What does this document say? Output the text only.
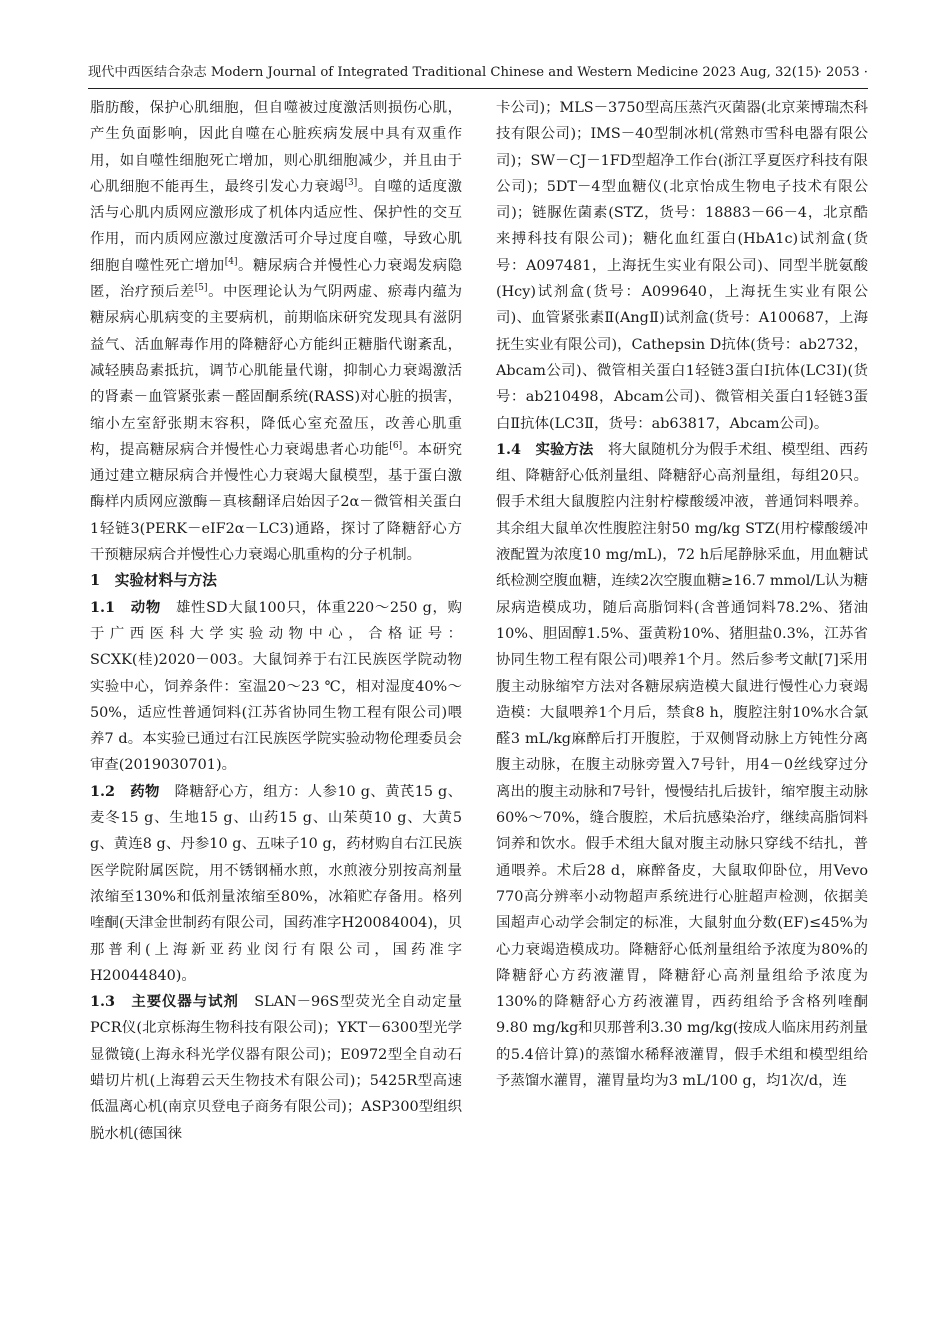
现代中西医结合杂志 Modern Journal of Integrated Traditional Chinese and Western Medicine 2023 Aug, 32(15)
· 2053 ·

脂肪酸，保护心肌细胞，但自噬被过度激活则损伤心肌，产生负面影响，因此自噬在心脏疾病发展中具有双重作用，如自噬性细胞死亡增加，则心肌细胞减少，并且由于心肌细胞不能再生，最终引发心力衰竭[3]。自噬的适度激活与心肌内质网应激形成了机体内适应性、保护性的交互作用，而内质网应激过度激活可介导过度自噬，导致心肌细胞自噬性死亡增加[4]。糖尿病合并慢性心力衰竭发病隐匿，治疗预后差[5]。中医理论认为气阴两虚、瘀毒内蕴为糖尿病心肌病变的主要病机，前期临床研究发现具有滋阴益气、活血解毒作用的降糖舒心方能纠正糖脂代谢紊乱，减轻胰岛素抵抗，调节心肌能量代谢，抑制心力衰竭激活的肾素－血管紧张素－醛固酮系统(RASS)对心脏的损害，缩小左室舒张期末容积，降低心室充盈压，改善心肌重构，提高糖尿病合并慢性心力衰竭患者心功能[6]。本研究通过建立糖尿病合并慢性心力衰竭大鼠模型，基于蛋白激酶样内质网应激酶－真核翻译启始因子2α－微管相关蛋白1轻链3(PERK－eIF2α－LC3)通路，探讨了降糖舒心方干预糖尿病合并慢性心力衰竭心肌重构的分子机制。

1　实验材料与方法

1.1　动物　雄性SD大鼠100只，体重220～250 g，购于广西医科大学实验动物中心，合格证号：SCXK(桂)2020－003。大鼠饲养于右江民族医学院动物实验中心，饲养条件：室温20～23 ℃，相对湿度40%～50%，适应性普通饲料(江苏省协同生物工程有限公司)喂养7 d。本实验已通过右江民族医学院实验动物伦理委员会审查(2019030701)。

1.2　药物　降糖舒心方，组方：人参10 g、黄芪15 g、麦冬15 g、生地15 g、山药15 g、山茱萸10 g、大黄5 g、黄连8 g、丹参10 g、五味子10 g，药材购自右江民族医学院附属医院，用不锈钢桶水煎，水煎液分别按高剂量浓缩至130%和低剂量浓缩至80%，冰箱贮存备用。格列喹酮(天津金世制药有限公司，国药准字H20084004)，贝那普利(上海新亚药业闵行有限公司，国药准字H20044840)。

1.3　主要仪器与试剂　SLAN－96S型荧光全自动定量PCR仪(北京栎海生物科技有限公司)；YKT－6300型光学显微镜(上海永科光学仪器有限公司)；E0972型全自动石蜡切片机(上海碧云天生物技术有限公司)；5425R型高速低温离心机(南京贝登电子商务有限公司)；ASP300型组织脱水机(德国徕

卡公司)；MLS－3750型高压蒸汽灭菌器(北京莱博瑞杰科技有限公司)；IMS－40型制冰机(常熟市雪科电器有限公司)；SW－CJ－1FD型超净工作台(浙江孚夏医疗科技有限公司)；5DT－4型血糖仪(北京怡成生物电子技术有限公司)；链脲佐菌素(STZ，货号：18883－66－4，北京酷来搏科技有限公司)；糖化血红蛋白(HbA1c)试剂盒(货号：A097481，上海抚生实业有限公司)、同型半胱氨酸(Hcy)试剂盒(货号：A099640，上海抚生实业有限公司)、血管紧张素Ⅱ(AngⅡ)试剂盒(货号：A100687，上海抚生实业有限公司)，Cathepsin D抗体(货号：ab2732，Abcam公司)、微管相关蛋白1轻链3蛋白Ⅰ抗体(LC3Ⅰ)(货号：ab210498，Abcam公司)、微管相关蛋白1轻链3蛋白Ⅱ抗体(LC3Ⅱ，货号：ab63817，Abcam公司)。

1.4　实验方法　将大鼠随机分为假手术组、模型组、西药组、降糖舒心低剂量组、降糖舒心高剂量组，每组20只。假手术组大鼠腹腔内注射柠檬酸缓冲液，普通饲料喂养。其余组大鼠单次性腹腔注射50 mg/kg STZ(用柠檬酸缓冲液配置为浓度10 mg/mL)，72 h后尾静脉采血，用血糖试纸检测空腹血糖，连续2次空腹血糖≥16.7 mmol/L认为糖尿病造模成功，随后高脂饲料(含普通饲料78.2%、猪油10%、胆固醇1.5%、蛋黄粉10%、猪胆盐0.3%，江苏省协同生物工程有限公司)喂养1个月。然后参考文献[7]采用腹主动脉缩窄方法对各糖尿病造模大鼠进行慢性心力衰竭造模：大鼠喂养1个月后，禁食8 h，腹腔注射10%水合氯醛3 mL/kg麻醉后打开腹腔，于双侧肾动脉上方钝性分离腹主动脉，在腹主动脉旁置入7号针，用4－0丝线穿过分离出的腹主动脉和7号针，慢慢结扎后拔针，缩窄腹主动脉60%～70%，缝合腹腔，术后抗感染治疗，继续高脂饲料饲养和饮水。假手术组大鼠对腹主动脉只穿线不结扎，普通喂养。术后28 d，麻醉备皮，大鼠取仰卧位，用Vevo 770高分辨率小动物超声系统进行心脏超声检测，依据美国超声心动学会制定的标准，大鼠射血分数(EF)≤45%为心力衰竭造模成功。降糖舒心低剂量组给予浓度为80%的降糖舒心方药液灌胃，降糖舒心高剂量组给予浓度为130%的降糖舒心方药液灌胃，西药组给予含格列喹酮9.80 mg/kg和贝那普利3.30 mg/kg(按成人临床用药剂量的5.4倍计算)的蒸馏水稀释液灌胃，假手术组和模型组给予蒸馏水灌胃，灌胃量均为3 mL/100 g，均1次/d，连
